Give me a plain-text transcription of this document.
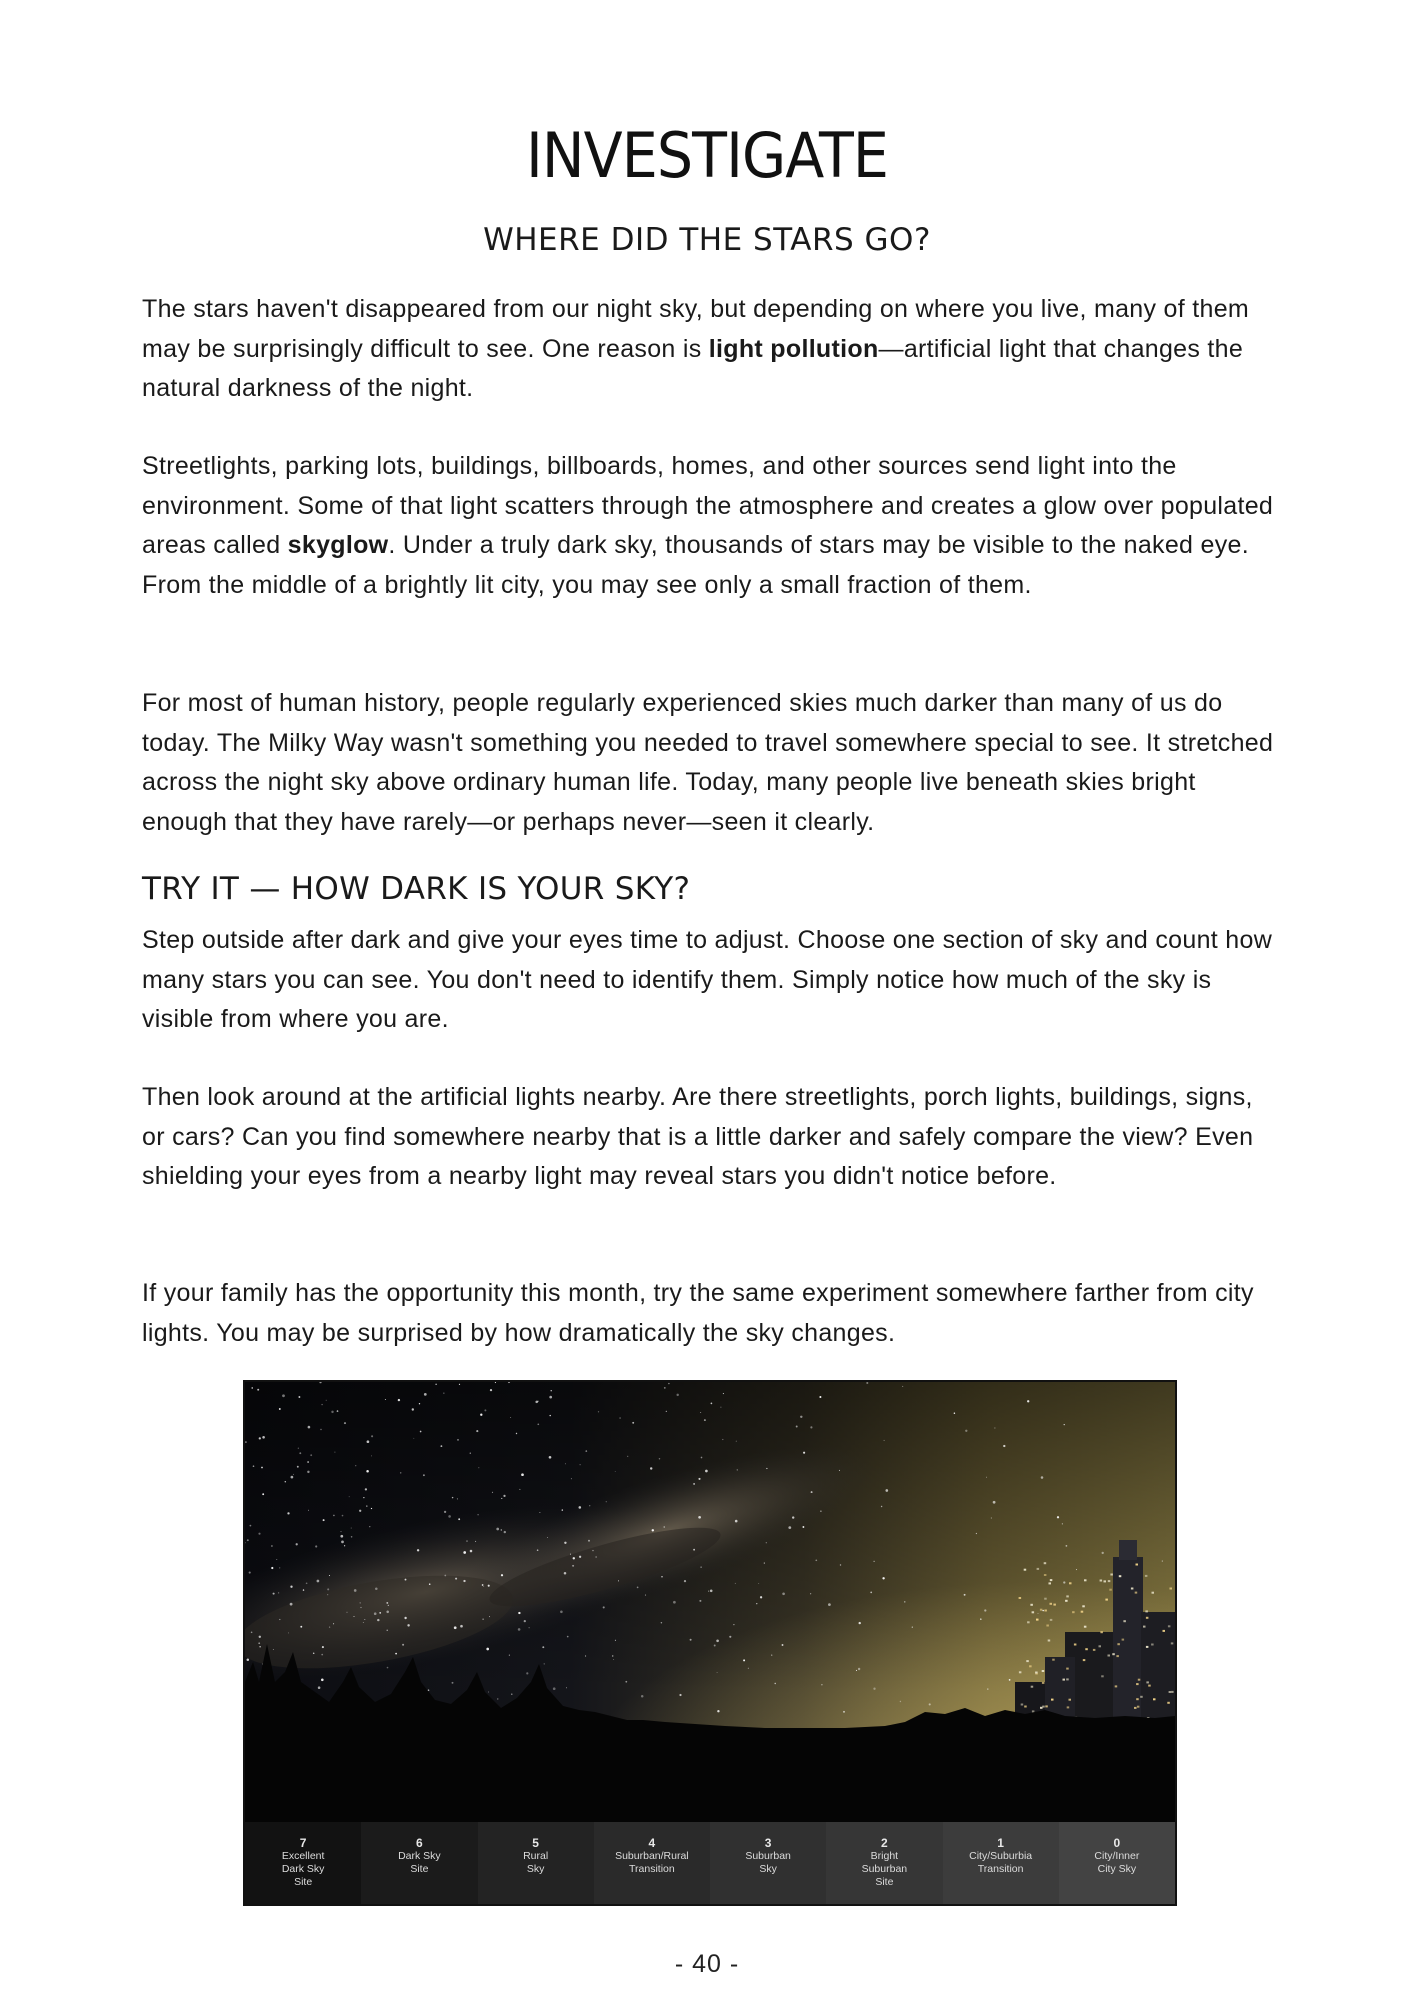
INVESTIGATE
WHERE DID THE STARS GO?

The stars haven't disappeared from our night sky, but depending on where you live, many of them may be surprisingly difficult to see. One reason is light pollution—artificial light that changes the natural darkness of the night.

Streetlights, parking lots, buildings, billboards, homes, and other sources send light into the environment. Some of that light scatters through the atmosphere and creates a glow over populated areas called skyglow. Under a truly dark sky, thousands of stars may be visible to the naked eye. From the middle of a brightly lit city, you may see only a small fraction of them.

For most of human history, people regularly experienced skies much darker than many of us do today. The Milky Way wasn't something you needed to travel somewhere special to see. It stretched across the night sky above ordinary human life. Today, many people live beneath skies bright enough that they have rarely—or perhaps never—seen it clearly.

TRY IT — HOW DARK IS YOUR SKY?

Step outside after dark and give your eyes time to adjust. Choose one section of sky and count how many stars you can see. You don't need to identify them. Simply notice how much of the sky is visible from where you are.

Then look around at the artificial lights nearby. Are there streetlights, porch lights, buildings, signs, or cars? Can you find somewhere nearby that is a little darker and safely compare the view? Even shielding your eyes from a nearby light may reveal stars you didn't notice before.

If your family has the opportunity this month, try the same experiment somewhere farther from city lights. You may be surprised by how dramatically the sky changes.

7
Excellent
Dark Sky
Site
6
Dark Sky
Site
5
Rural
Sky
4
Suburban/Rural
Transition
3
Suburban
Sky
2
Bright
Suburban
Site
1
City/Suburbia
Transition
0
City/Inner
City Sky
- 40 -
